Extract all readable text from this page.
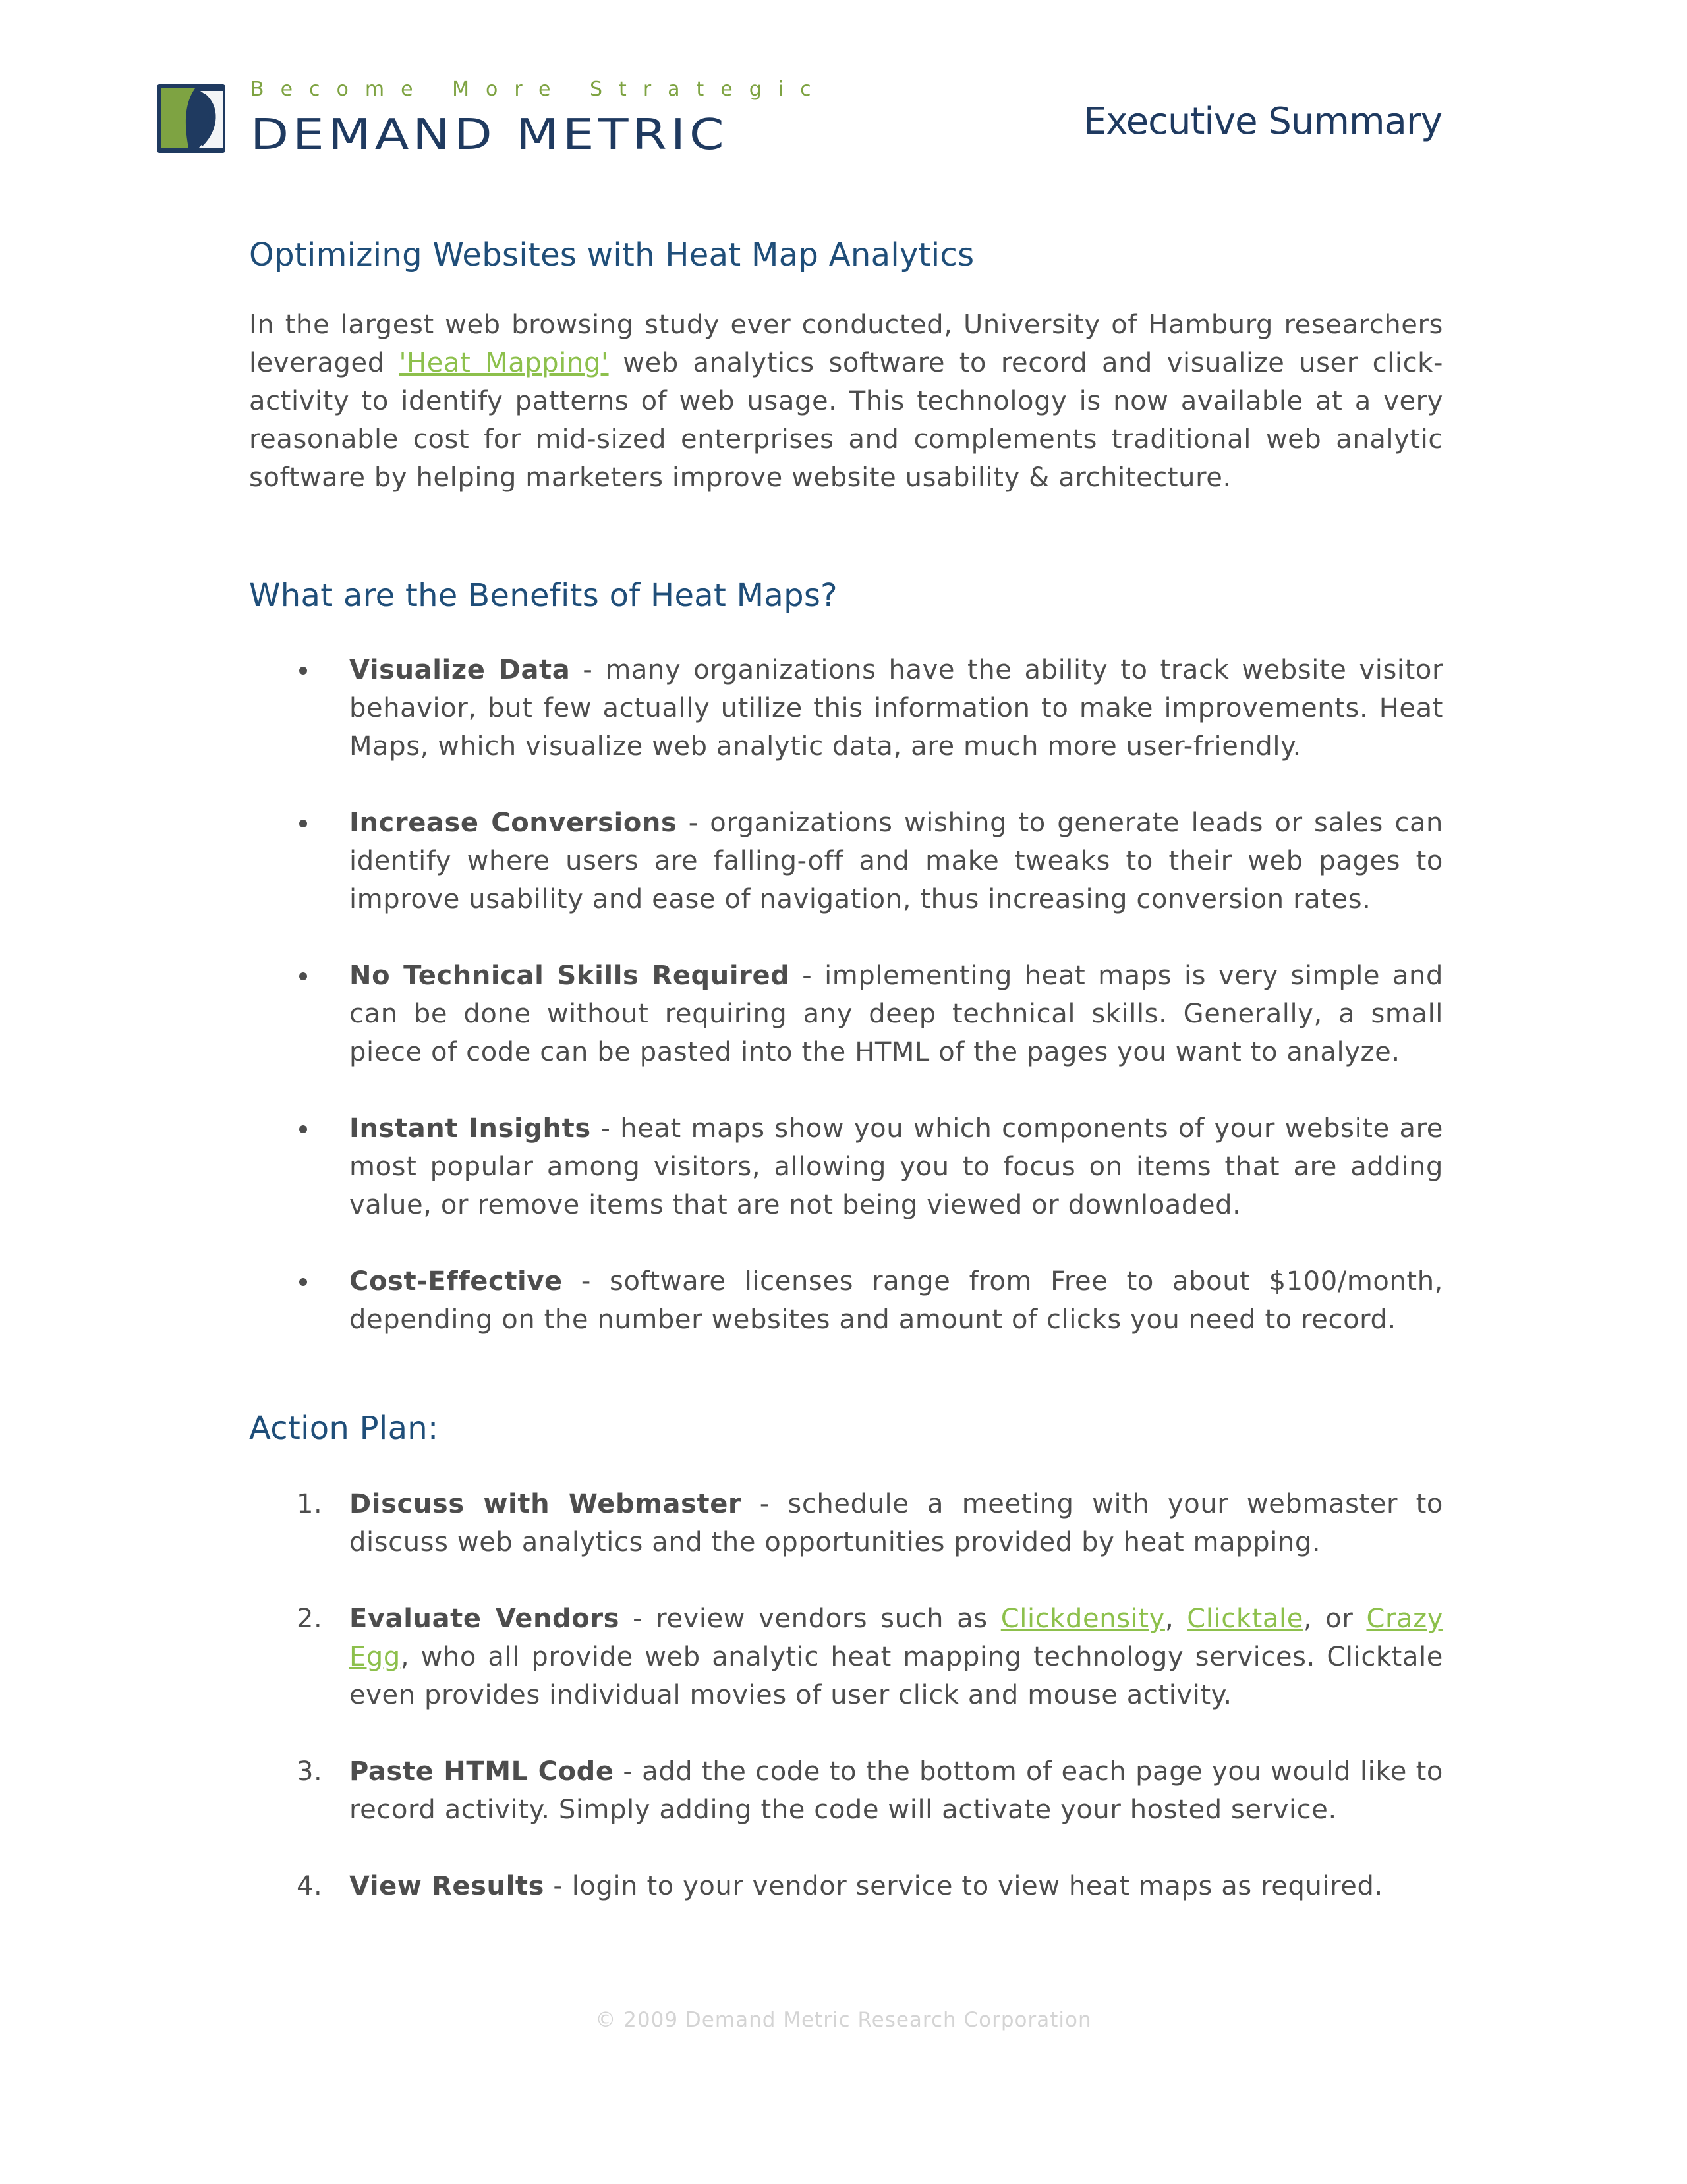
Become More Strategic
DEMAND METRIC	Executive Summary
Optimizing Websites with Heat Map Analytics

In the largest web browsing study ever conducted, University of Hamburg researchers leveraged 'Heat Mapping' web analytics software to record and visualize user click-activity to identify patterns of web usage. This technology is now available at a very reasonable cost for mid-sized enterprises and complements traditional web analytic software by helping marketers improve website usability & architecture.

What are the Benefits of Heat Maps?
Visualize Data - many organizations have the ability to track website visitor behavior, but few actually utilize this information to make improvements. Heat Maps, which visualize web analytic data, are much more user-friendly.
Increase Conversions - organizations wishing to generate leads or sales can identify where users are falling-off and make tweaks to their web pages to improve usability and ease of navigation, thus increasing conversion rates.
No Technical Skills Required - implementing heat maps is very simple and can be done without requiring any deep technical skills. Generally, a small piece of code can be pasted into the HTML of the pages you want to analyze.
Instant Insights - heat maps show you which components of your website are most popular among visitors, allowing you to focus on items that are adding value, or remove items that are not being viewed or downloaded.
Cost-Effective - software licenses range from Free to about $100/month, depending on the number websites and amount of clicks you need to record.
Action Plan:
1. Discuss with Webmaster - schedule a meeting with your webmaster to discuss web analytics and the opportunities provided by heat mapping.
2. Evaluate Vendors - review vendors such as Clickdensity, Clicktale, or Crazy Egg, who all provide web analytic heat mapping technology services. Clicktale even provides individual movies of user click and mouse activity.
3. Paste HTML Code - add the code to the bottom of each page you would like to record activity. Simply adding the code will activate your hosted service.
4. View Results - login to your vendor service to view heat maps as required.
© 2009 Demand Metric Research Corporation
